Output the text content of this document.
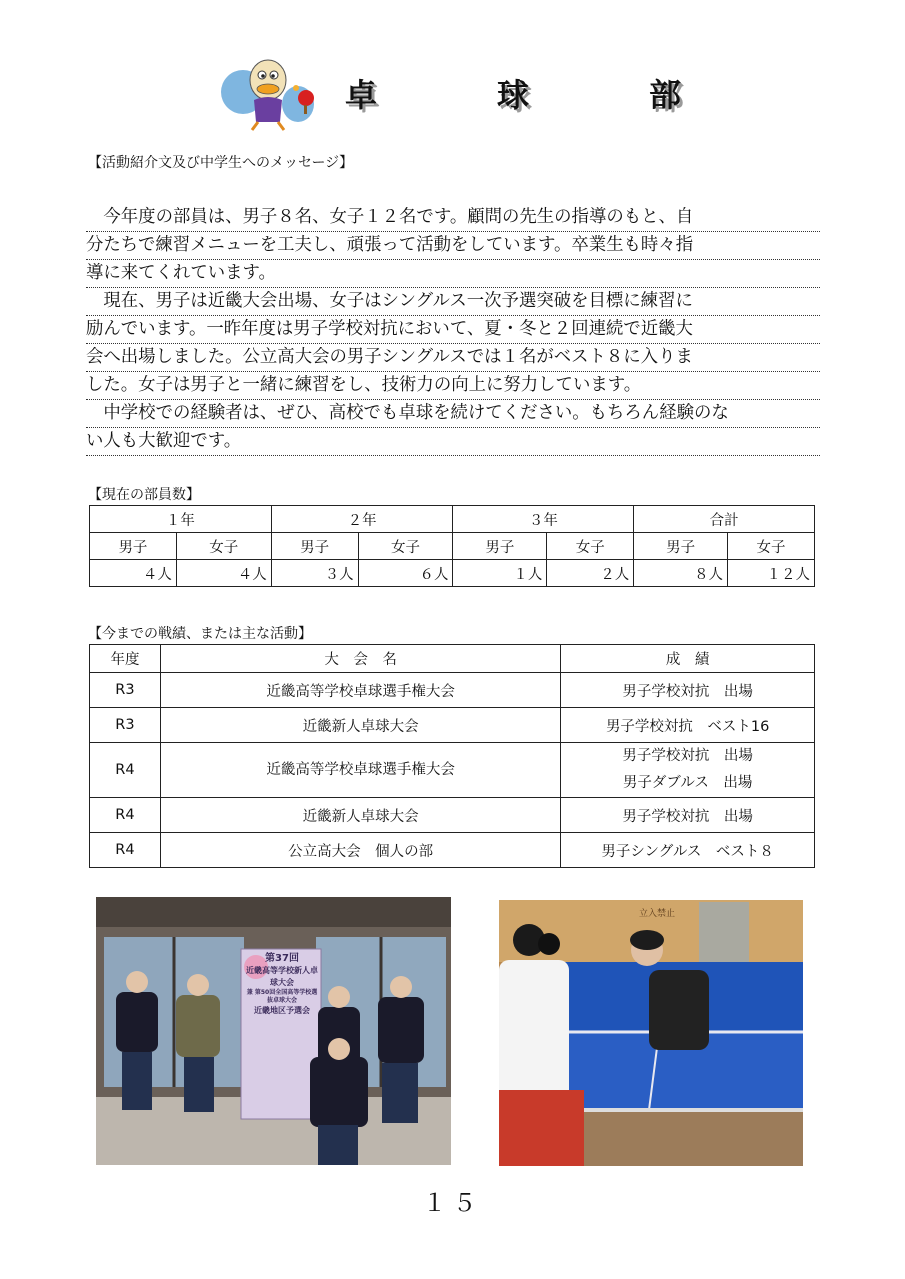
卓　球　部
【活動紹介文及び中学生へのメッセージ】
　今年度の部員は、男子８名、女子１２名です。顧問の先生の指導のもと、自
分たちで練習メニューを工夫し、頑張って活動をしています。卒業生も時々指
導に来てくれています。
　現在、男子は近畿大会出場、女子はシングルス一次予選突破を目標に練習に
励んでいます。一昨年度は男子学校対抗において、夏・冬と２回連続で近畿大
会へ出場しました。公立高大会の男子シングルスでは１名がベスト８に入りま
した。女子は男子と一緒に練習をし、技術力の向上に努力しています。
　中学校での経験者は、ぜひ、高校でも卓球を続けてください。もちろん経験のな
い人も大歓迎です。
【現在の部員数】
１年		２年		３年		合計	
男子	女子	男子	女子	男子	女子	男子	女子
４人	４人	３人	６人	１人	２人	８人	１２人
【今までの戦績、または主な活動】
年度	大　会　名	成　績
R3	近畿高等学校卓球選手権大会	男子学校対抗　出場
R3	近畿新人卓球大会	男子学校対抗　ベスト16
R4	近畿高等学校卓球選手権大会	男子学校対抗　出場
男子ダブルス　出場

R4	近畿新人卓球大会	男子学校対抗　出場
R4	公立高大会　個人の部	男子シングルス　ベスト８
第37回
近畿高等学校新人卓球大会
兼 第50回全国高等学校選抜卓球大会
近畿地区予選会
立入禁止
１５
